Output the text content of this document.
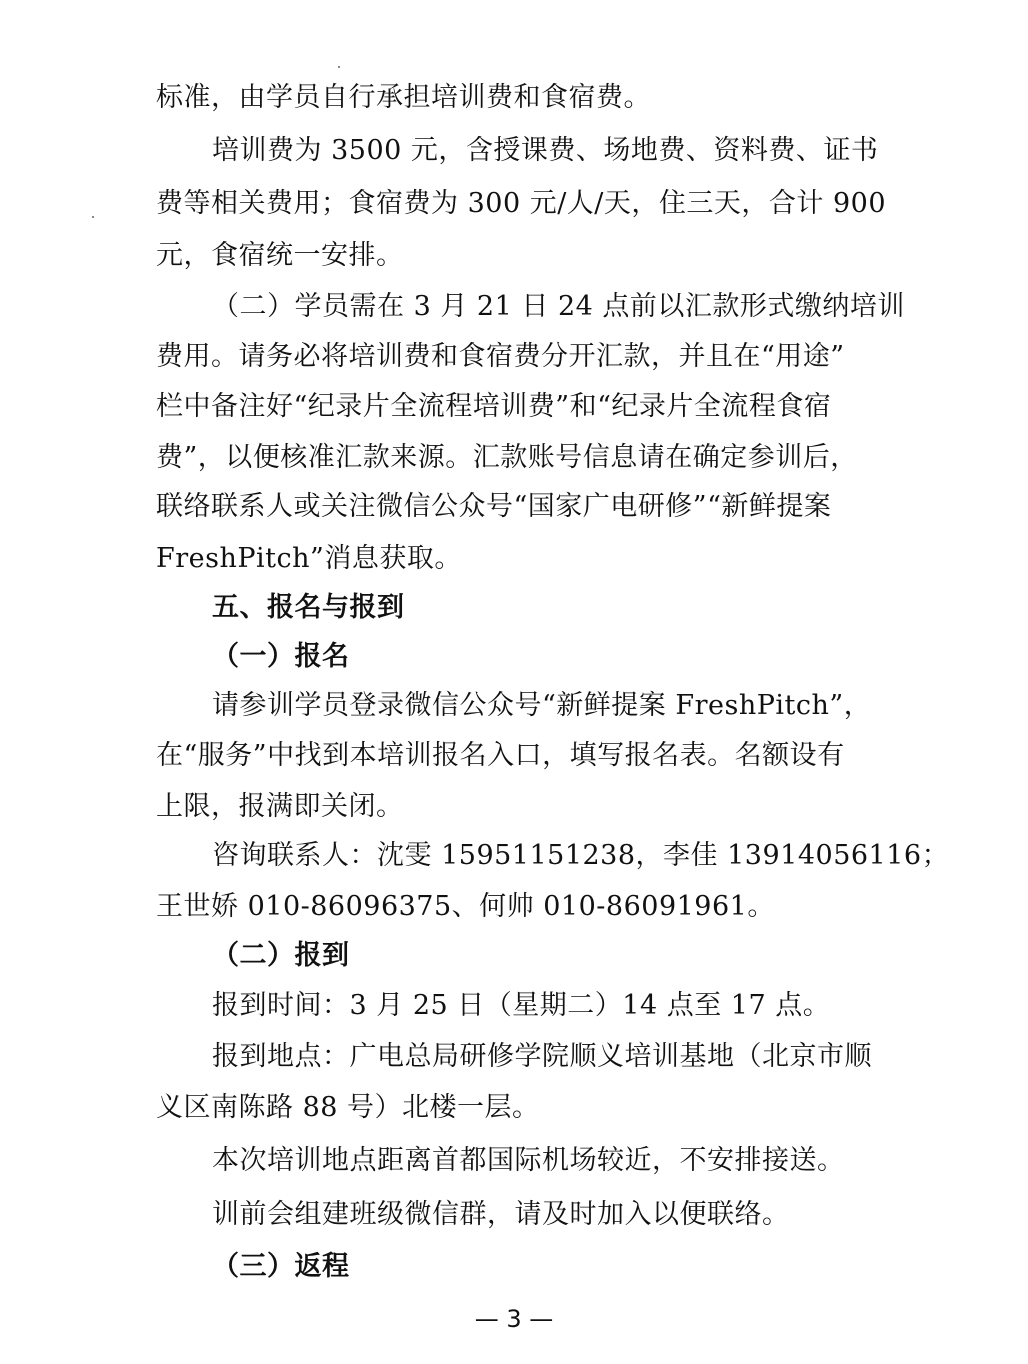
标准，由学员自行承担培训费和食宿费。
培训费为 3500 元，含授课费、场地费、资料费、证书
费等相关费用；食宿费为 300 元/人/天，住三天，合计 900
元，食宿统一安排。
（二）学员需在 3 月 21 日 24 点前以汇款形式缴纳培训
费用。请务必将培训费和食宿费分开汇款，并且在“用途”
栏中备注好“纪录片全流程培训费”和“纪录片全流程食宿
费”，以便核准汇款来源。汇款账号信息请在确定参训后，
联络联系人或关注微信公众号“国家广电研修”“新鲜提案
FreshPitch”消息获取。
五、报名与报到
（一）报名
请参训学员登录微信公众号“新鲜提案 FreshPitch”，
在“服务”中找到本培训报名入口，填写报名表。名额设有
上限，报满即关闭。
咨询联系人：沈雯 15951151238，李佳 13914056116；
王世娇 010-86096375、何帅 010-86091961。
（二）报到
报到时间：3 月 25 日（星期二）14 点至 17 点。
报到地点：广电总局研修学院顺义培训基地（北京市顺
义区南陈路 88 号）北楼一层。
本次培训地点距离首都国际机场较近，不安排接送。
训前会组建班级微信群，请及时加入以便联络。
（三）返程
— 3 —
